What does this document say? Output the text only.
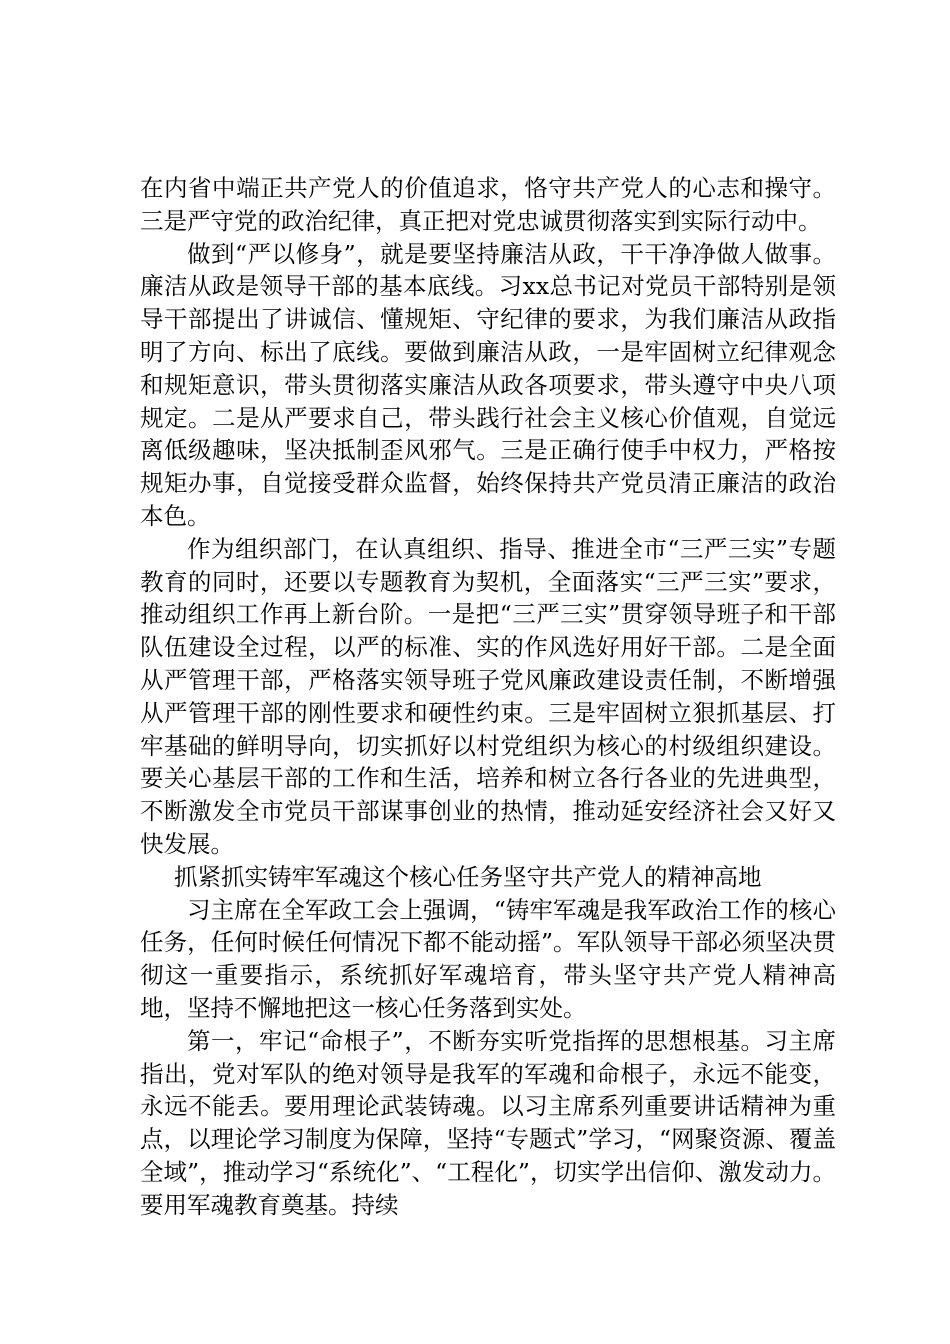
在内省中端正共产党人的价值追求，恪守共产党人的心志和操守。三是严守党的政治纪律，真正把对党忠诚贯彻落实到实际行动中。

做到“严以修身”，就是要坚持廉洁从政，干干净净做人做事。廉洁从政是领导干部的基本底线。习xx总书记对党员干部特别是领导干部提出了讲诚信、懂规矩、守纪律的要求，为我们廉洁从政指明了方向、标出了底线。要做到廉洁从政，一是牢固树立纪律观念和规矩意识，带头贯彻落实廉洁从政各项要求，带头遵守中央八项规定。二是从严要求自己，带头践行社会主义核心价值观，自觉远离低级趣味，坚决抵制歪风邪气。三是正确行使手中权力，严格按规矩办事，自觉接受群众监督，始终保持共产党员清正廉洁的政治本色。

作为组织部门，在认真组织、指导、推进全市“三严三实”专题教育的同时，还要以专题教育为契机，全面落实“三严三实”要求，推动组织工作再上新台阶。一是把“三严三实”贯穿领导班子和干部队伍建设全过程，以严的标准、实的作风选好用好干部。二是全面从严管理干部，严格落实领导班子党风廉政建设责任制，不断增强从严管理干部的刚性要求和硬性约束。三是牢固树立狠抓基层、打牢基础的鲜明导向，切实抓好以村党组织为核心的村级组织建设。要关心基层干部的工作和生活，培养和树立各行各业的先进典型，不断激发全市党员干部谋事创业的热情，推动延安经济社会又好又快发展。

抓紧抓实铸牢军魂这个核心任务坚守共产党人的精神高地

习主席在全军政工会上强调，“铸牢军魂是我军政治工作的核心任务，任何时候任何情况下都不能动摇”。军队领导干部必须坚决贯彻这一重要指示，系统抓好军魂培育，带头坚守共产党人精神高地，坚持不懈地把这一核心任务落到实处。

第一，牢记“命根子”，不断夯实听党指挥的思想根基。习主席指出，党对军队的绝对领导是我军的军魂和命根子，永远不能变，永远不能丢。要用理论武装铸魂。以习主席系列重要讲话精神为重点，以理论学习制度为保障，坚持“专题式”学习，“网聚资源、覆盖全域”，推动学习“系统化”、“工程化”，切实学出信仰、激发动力。要用军魂教育奠基。持续
